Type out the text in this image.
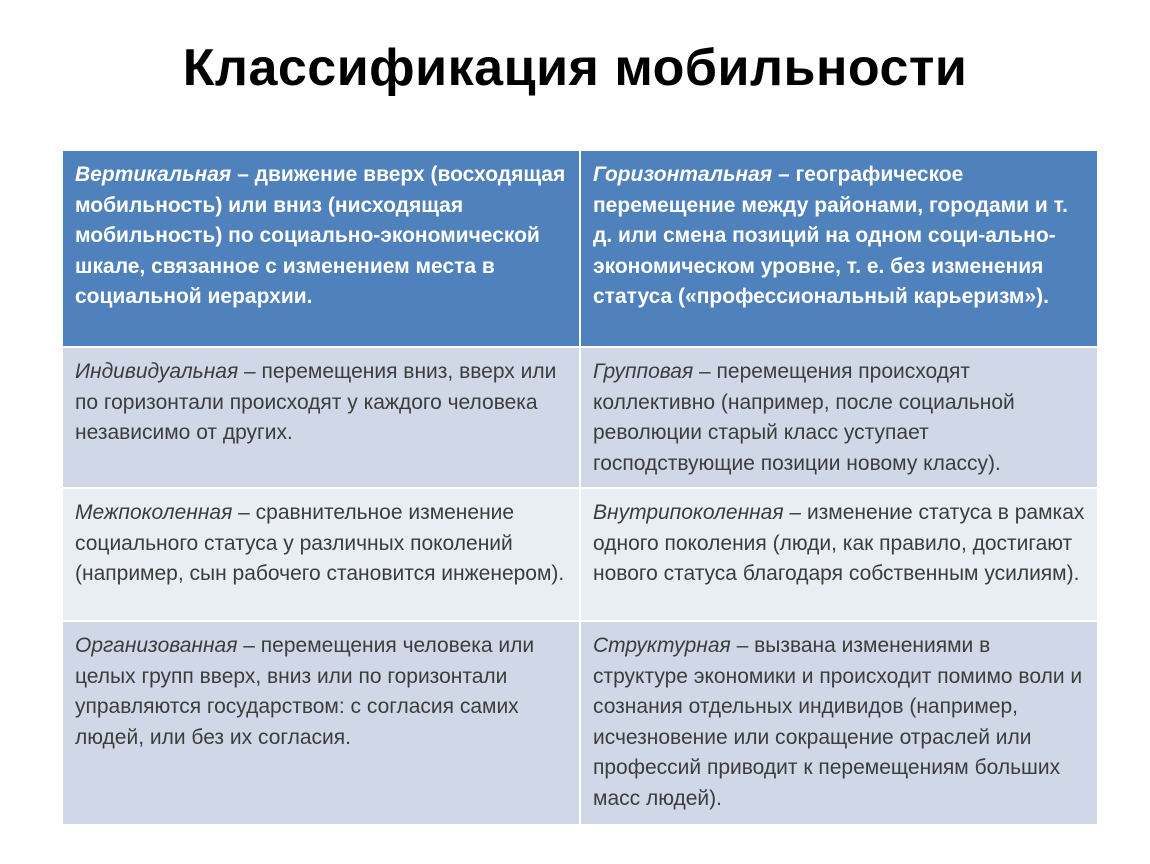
Классификация мобильности
Вертикальная – движение вверх (восходящая мобильность) или вниз (нисходящая мобильность) по социально-экономической шкале, связанное с изменением места в социальной иерархии.	Горизонтальная – географическое перемещение между районами, городами и т. д. или смена позиций на одном соци-ально-экономическом уровне, т. е. без изменения статуса («профессиональный карьеризм»).
Индивидуальная – перемещения вниз, вверх или по горизонтали происходят у каждого человека независимо от других.	Групповая – перемещения происходят коллективно (например, после социальной революции старый класс уступает господствующие позиции новому классу).
Межпоколенная – сравнительное изменение социального статуса у различных поколений (например, сын рабочего становится инженером).	Внутрипоколенная – изменение статуса в рамках одного поколения (люди, как правило, достигают нового статуса благодаря собственным усилиям).
Организованная – перемещения человека или целых групп вверх, вниз или по горизонтали управляются государством: с согласия самих людей, или без их согласия.	Структурная – вызвана изменениями в структуре экономики и происходит помимо воли и сознания отдельных индивидов (например, исчезновение или сокращение отраслей или профессий приводит к перемещениям больших масс людей).
